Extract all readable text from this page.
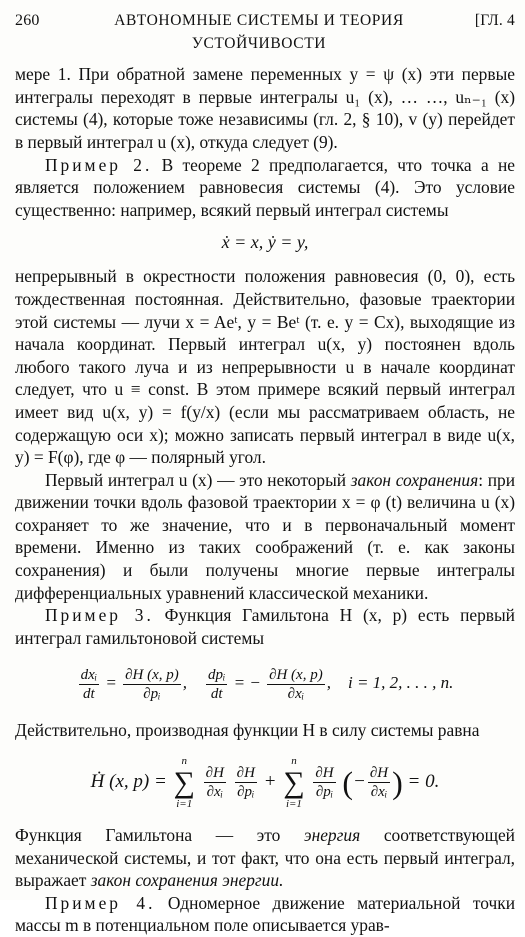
260	АВТОНОМНЫЕ СИСТЕМЫ И ТЕОРИЯ УСТОЙЧИВОСТИ
[ГЛ. 4

мере 1. При обратной замене переменных y = ψ (x) эти первые интегралы переходят в первые интегралы u₁ (x), … …, uₙ₋₁ (x) системы (4), которые тоже независимы (гл. 2, § 10), v (y) перейдет в первый интеграл u (x), откуда следует (9).

Пример 2. В теореме 2 предполагается, что точка a не является положением равновесия системы (4). Это условие существенно: например, всякий первый интеграл системы

ẋ = x, ẏ = y,

непрерывный в окрестности положения равновесия (0, 0), есть тождественная постоянная. Действительно, фазовые траектории этой системы — лучи x = Aeᵗ, y = Beᵗ (т. е. y = Cx), выходящие из начала координат. Первый интеграл u(x, y) постоянен вдоль любого такого луча и из непрерывности u в начале координат следует, что u ≡ const. В этом примере всякий первый интеграл имеет вид u(x, y) = f(y/x) (если мы рассматриваем область, не содержащую оси x); можно записать первый интеграл в виде u(x, y) = F(φ), где φ — полярный угол.

Первый интеграл u (x) — это некоторый закон сохранения: при движении точки вдоль фазовой траектории x = φ (t) величина u (x) сохраняет то же значение, что и в первоначальный момент времени. Именно из таких соображений (т. е. как законы сохранения) и были получены многие первые интегралы дифференциальных уравнений классической механики.

Пример 3. Функция Гамильтона H (x, p) есть первый интеграл гамильтоновой системы

$\frac{\text{dxᵢ}}{dt} = \frac{\partial H (x, p)}{\text{∂pᵢ}}$ , $\frac{\text{dpᵢ}}{dt}$ = − $\frac{\partial H (x, p)}{\text{∂xᵢ}}$ ,    i = 1, 2, . . . , n.

Действительно, производная функции H в силу системы равна

Ḣ (x, p) =
n
∑
i=1

$\frac{\partial H}{\text{∂xᵢ}}$
$\frac{\partial H}{\text{∂pᵢ}}$ +
n
∑
i=1

$\frac{\partial H}{\text{∂pᵢ}}$ (− $\frac{\partial H}{\text{∂xᵢ}}$ ) = 0.

Функция Гамильтона — это энергия соответствующей механической системы, и тот факт, что она есть первый интеграл, выражает закон сохранения энергии.

Пример 4. Одномерное движение материальной точки массы m в потенциальном поле описывается урав-
